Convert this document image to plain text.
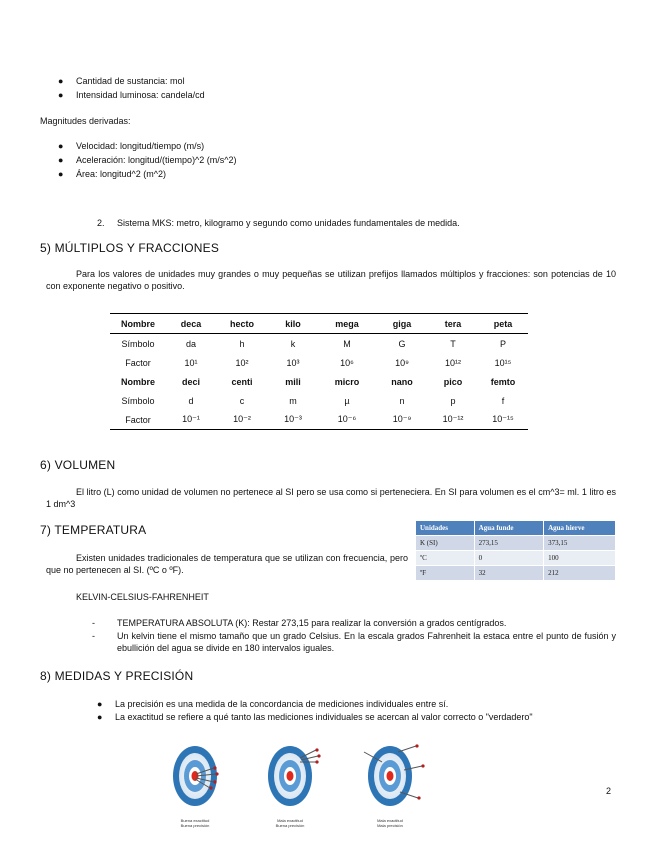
●	Cantidad de sustancia: mol
●	Intensidad luminosa: candela/cd
Magnitudes derivadas:
●	Velocidad: longitud/tiempo (m/s)
●	Aceleración: longitud/(tiempo)^2 (m/s^2)
●	Área: longitud^2 (m^2)
2. Sistema MKS: metro, kilogramo y segundo como unidades fundamentales de medida.
5) MÚLTIPLOS Y FRACCIONES
Para los valores de unidades muy grandes o muy pequeñas se utilizan prefijos llamados múltiplos y fracciones: son potencias de 10 con exponente negativo o positivo.
Nombre	deca	hecto	kilo	mega	giga	tera	peta
Símbolo	da	h	k	M	G	T	P
Factor	10¹	10²	10³	10⁶	10⁹	10¹²	10¹⁵
Nombre	deci	centi	mili	micro	nano	pico	femto
Símbolo	d	c	m	µ	n	p	f
Factor	10⁻¹	10⁻²	10⁻³	10⁻⁶	10⁻⁹	10⁻¹²	10⁻¹⁵
6) VOLUMEN
El litro (L) como unidad de volumen no pertenece al SI pero se usa como si perteneciera. En SI para volumen es el cm^3= ml. 1 litro es 1 dm^3
7) TEMPERATURA
Existen unidades tradicionales de temperatura que se utilizan con frecuencia, pero que no pertenecen al SI. (ºC o ºF).
Unidades	Agua funde	Agua hierve
K (SI)	273,15	373,15
ºC	0	100
ºF	32	212
KELVIN-CELSIUS-FAHRENHEIT
- TEMPERATURA ABSOLUTA (K): Restar 273,15 para realizar la conversión a grados centígrados.
- Un kelvin tiene el mismo tamaño que un grado Celsius. En la escala grados Fahrenheit la estaca entre el punto de fusión y ebullición del agua se divide en 180 intervalos iguales.
8) MEDIDAS Y PRECISIÓN
●	La precisión es una medida de la concordancia de mediciones individuales entre sí.
●	La exactitud se refiere a qué tanto las mediciones individuales se acercan al valor correcto o "verdadero"
Buena exactitud
Buena precisión
Mala exactitud
Buena precisión
Mala exactitud
Mala precisión
2
